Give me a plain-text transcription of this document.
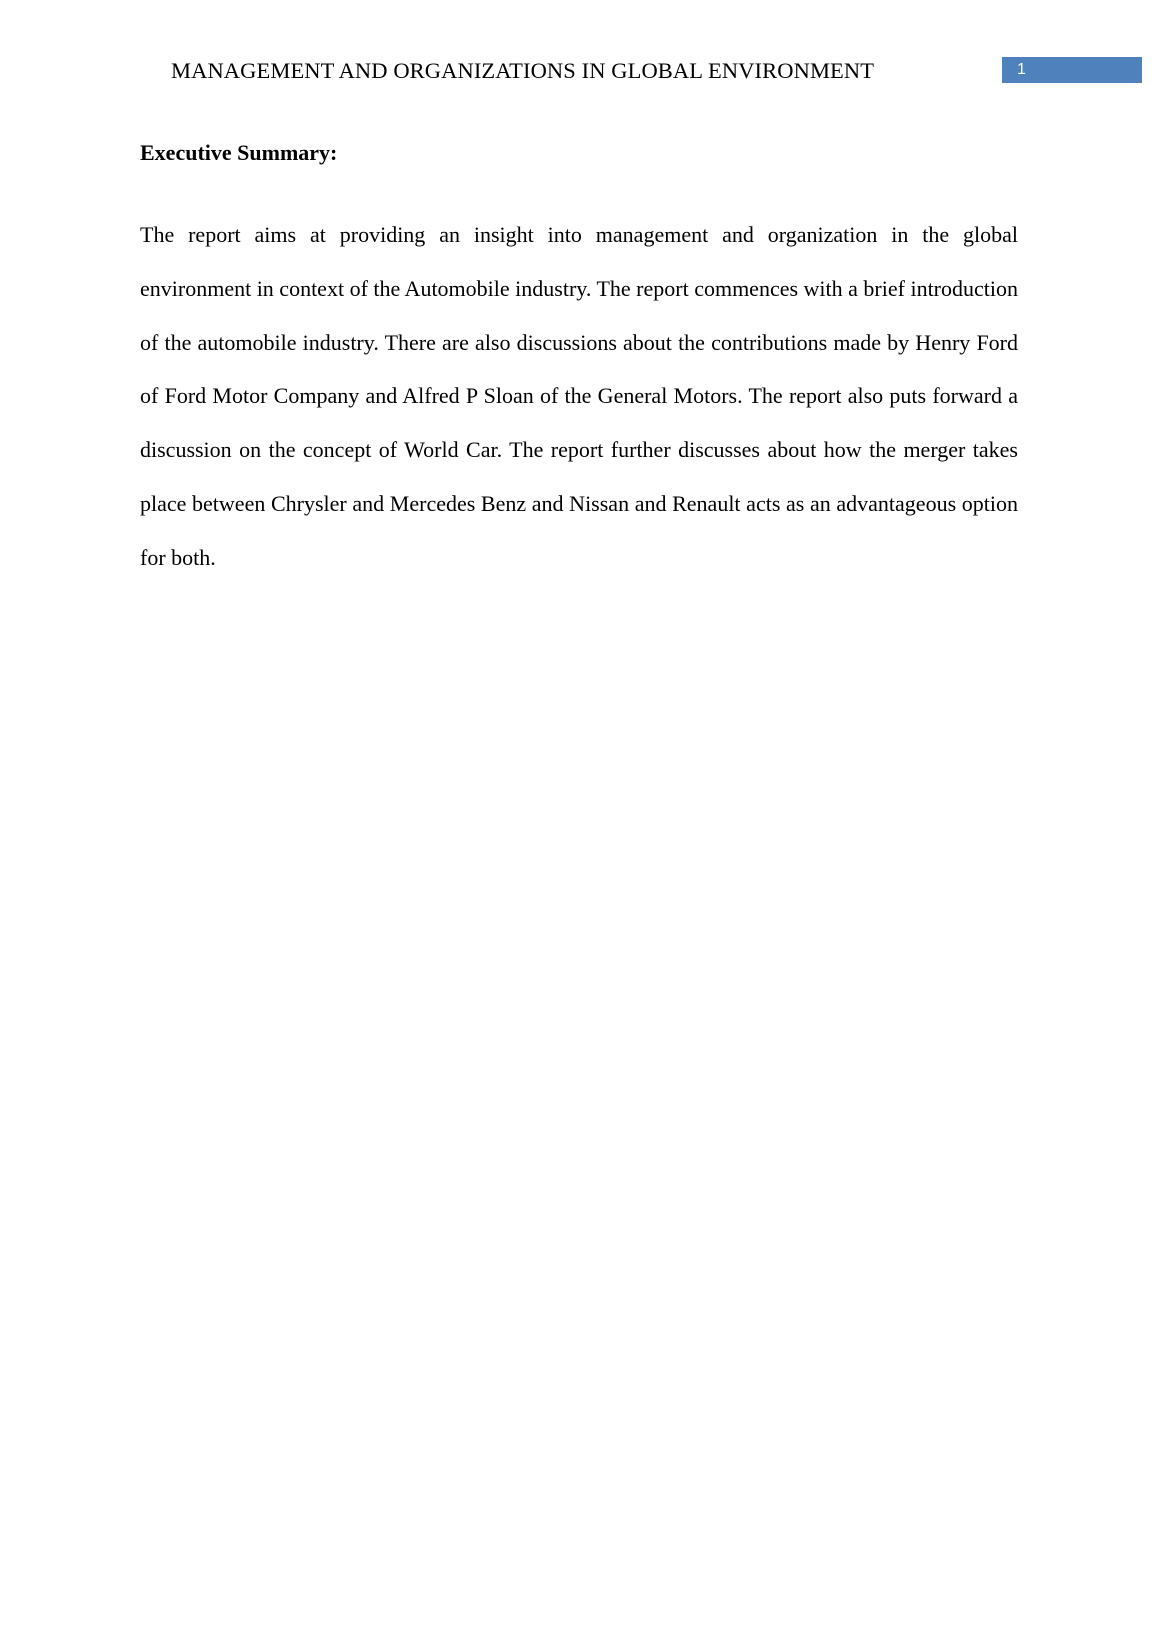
MANAGEMENT AND ORGANIZATIONS IN GLOBAL ENVIRONMENT	1
Executive Summary:

The report aims at providing an insight into management and organization in the global environment in context of the Automobile industry. The report commences with a brief introduction of the automobile industry. There are also discussions about the contributions made by Henry Ford of Ford Motor Company and Alfred P Sloan of the General Motors. The report also puts forward a discussion on the concept of World Car. The report further discusses about how the merger takes place between Chrysler and Mercedes Benz and Nissan and Renault acts as an advantageous option for both.
